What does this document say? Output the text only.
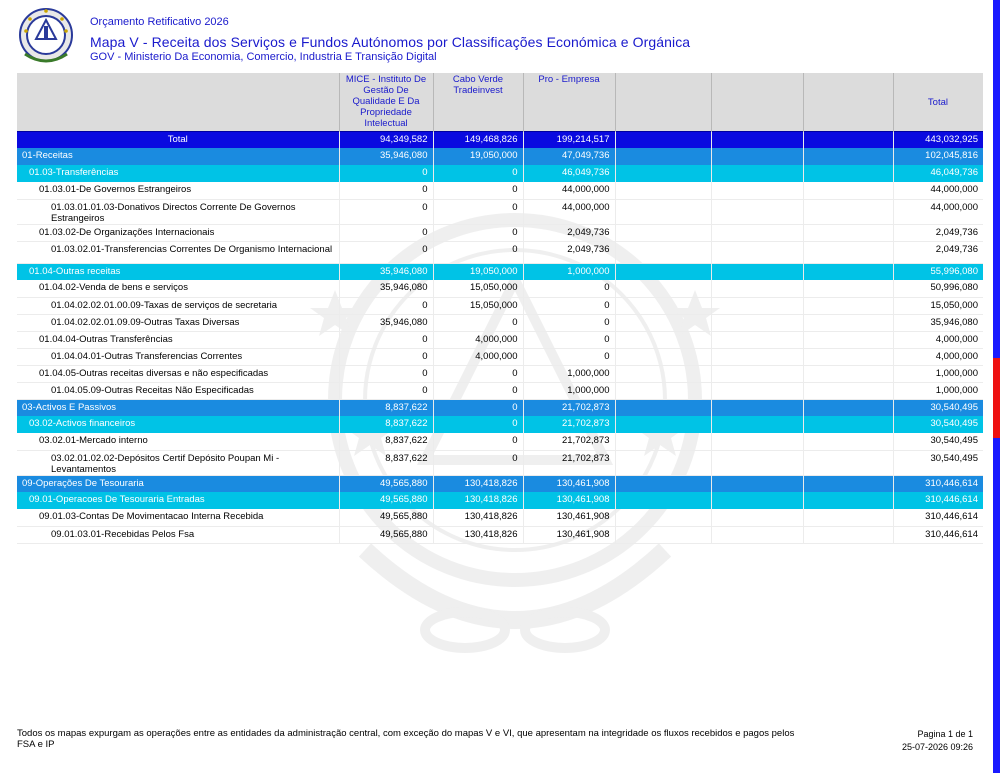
Orçamento Retificativo 2026
Mapa V - Receita dos Serviços e Fundos Autónomos por Classificações Económica e Orgánica
GOV - Ministerio Da Economia, Comercio, Industria E Transição Digital
	MICE - Instituto De Gestão De Qualidade E Da Propriedade Intelectual	Cabo Verde Tradeinvest	Pro - Empresa				Total
Total	94,349,582	149,468,826	199,214,517				443,032,925
01-Receitas	35,946,080	19,050,000	47,049,736				102,045,816
01.03-Transferências	0	0	46,049,736				46,049,736
01.03.01-De Governos Estrangeiros	0	0	44,000,000				44,000,000
01.03.01.01.03-Donativos Directos Corrente De Governos Estrangeiros	0	0	44,000,000				44,000,000
01.03.02-De Organizações Internacionais	0	0	2,049,736				2,049,736
01.03.02.01-Transferencias Correntes De Organismo Internacional	0	0	2,049,736				2,049,736
01.04-Outras receitas	35,946,080	19,050,000	1,000,000				55,996,080
01.04.02-Venda de bens e serviços	35,946,080	15,050,000	0				50,996,080
01.04.02.02.01.00.09-Taxas de serviços de secretaria	0	15,050,000	0				15,050,000
01.04.02.02.01.09.09-Outras Taxas Diversas	35,946,080	0	0				35,946,080
01.04.04-Outras Transferências	0	4,000,000	0				4,000,000
01.04.04.01-Outras Transferencias Correntes	0	4,000,000	0				4,000,000
01.04.05-Outras receitas diversas e não especificadas	0	0	1,000,000				1,000,000
01.04.05.09-Outras Receitas Não Especificadas	0	0	1,000,000				1,000,000
03-Activos E Passivos	8,837,622	0	21,702,873				30,540,495
03.02-Activos financeiros	8,837,622	0	21,702,873				30,540,495
03.02.01-Mercado interno	8,837,622	0	21,702,873				30,540,495
03.02.01.02.02-Depósitos Certif Depósito Poupan Mi - Levantamentos	8,837,622	0	21,702,873				30,540,495
09-Operações De Tesouraria	49,565,880	130,418,826	130,461,908				310,446,614
09.01-Operacoes De Tesouraria Entradas	49,565,880	130,418,826	130,461,908				310,446,614
09.01.03-Contas De Movimentacao Interna Recebida	49,565,880	130,418,826	130,461,908				310,446,614
09.01.03.01-Recebidas Pelos Fsa	49,565,880	130,418,826	130,461,908				310,446,614
Todos os mapas expurgam as operações entre as entidades da administração central, com exceção do mapas V e VI, que apresentam na integridade os fluxos recebidos e pagos pelos FSA e IP
Pagina 1 de 1
25-07-2026 09:26
